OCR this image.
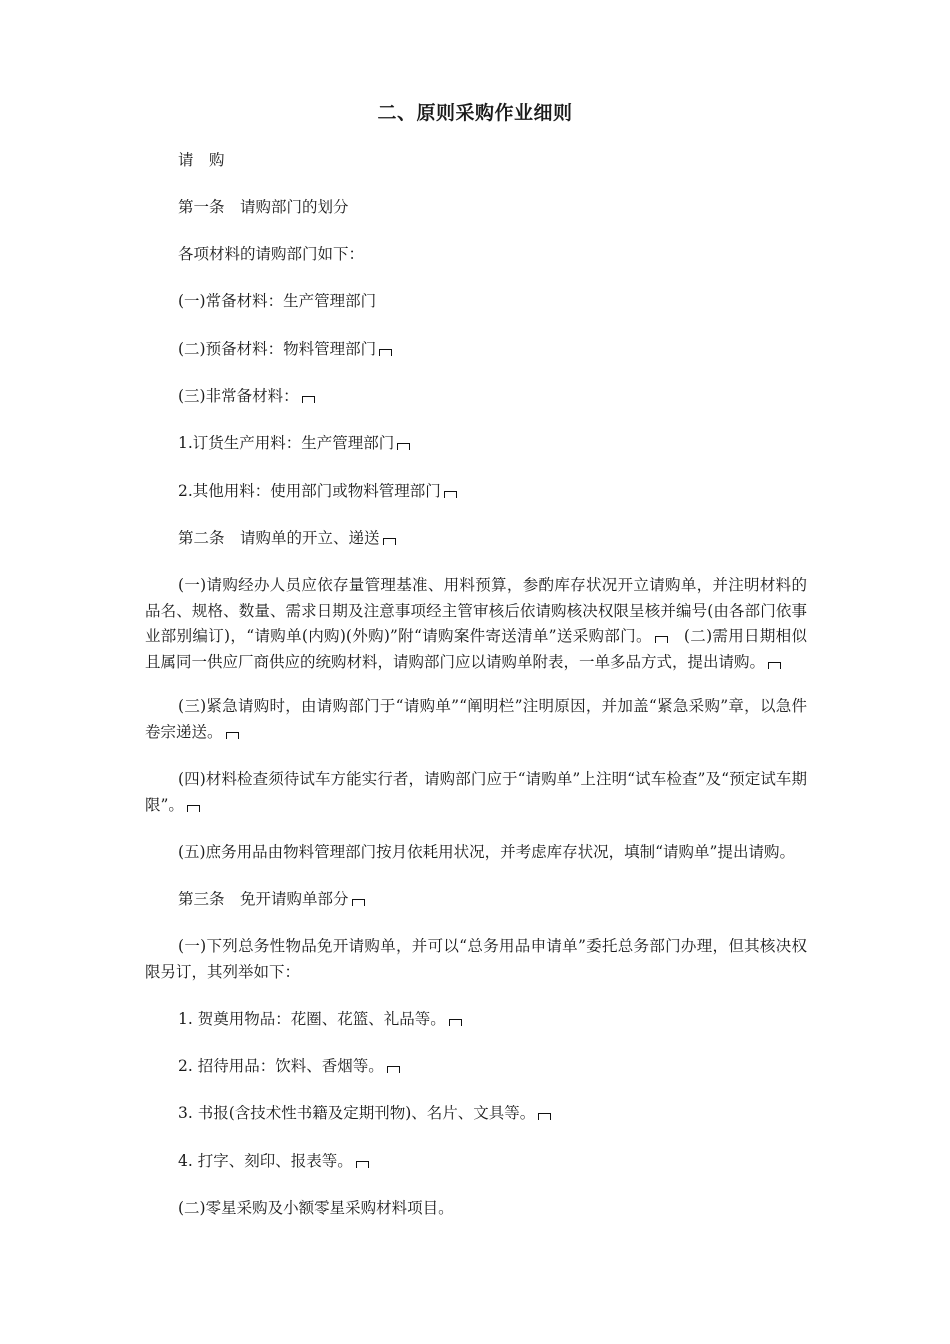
二、原则采购作业细则
请　购
第一条　请购部门的划分
各项材料的请购部门如下：
(一)常备材料：生产管理部门
(二)预备材料：物料管理部门
(三)非常备材料：
1.订货生产用料：生产管理部门
2.其他用料：使用部门或物料管理部门
第二条　请购单的开立、递送
(一)请购经办人员应依存量管理基准、用料预算，参酌库存状况开立请购单，并注明材料的品名、规格、数量、需求日期及注意事项经主管审核后依请购核决权限呈核并编号(由各部门依事业部别编订)，“请购单(内购)(外购)”附“请购案件寄送清单”送采购部门。　 (二)需用日期相似且属同一供应厂商供应的统购材料，请购部门应以请购单附表，一单多品方式，提出请购。
(三)紧急请购时，由请购部门于“请购单”“阐明栏”注明原因，并加盖“紧急采购”章，以急件卷宗递送。
(四)材料检查须待试车方能实行者，请购部门应于“请购单”上注明“试车检查”及“预定试车期限”。
(五)庶务用品由物料管理部门按月依耗用状况，并考虑库存状况，填制“请购单”提出请购。
第三条　免开请购单部分
(一)下列总务性物品免开请购单，并可以“总务用品申请单”委托总务部门办理，但其核决权限另订，其列举如下：
1. 贺奠用物品：花圈、花篮、礼品等。
2. 招待用品：饮料、香烟等。
3. 书报(含技术性书籍及定期刊物)、名片、文具等。
4. 打字、刻印、报表等。
(二)零星采购及小额零星采购材料项目。
